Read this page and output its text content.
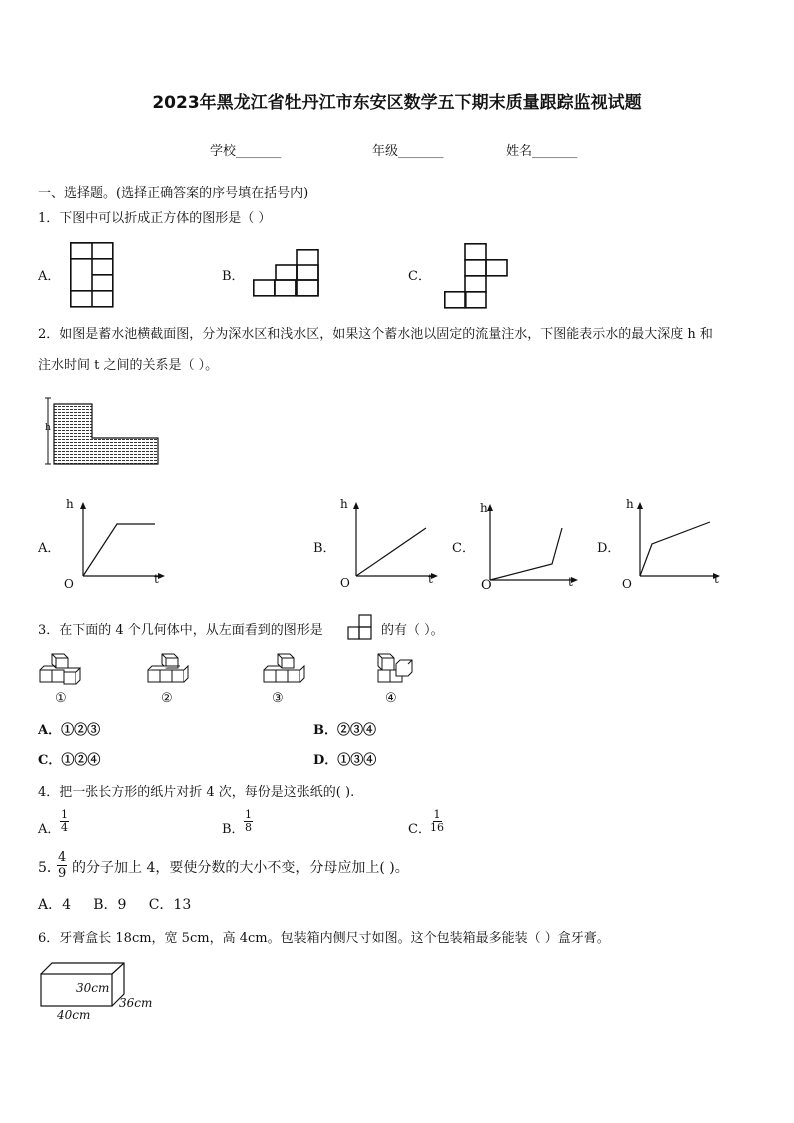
2023年黑龙江省牡丹江市东安区数学五下期末质量跟踪监视试题
学校_______	年级_______	姓名_______
一、选择题。(选择正确答案的序号填在括号内)
1．下图中可以折成正方体的图形是（ ）
A．	B．	C．
2．如图是蓄水池横截面图，分为深水区和浅水区，如果这个蓄水池以固定的流量注水，下图能表示水的最大深度 h 和
注水时间 t 之间的关系是（ ）。
h
A．	B．	C．	D．
h
t
O
h
t
O
h
t
O
h
t
O
3．在下面的 4 个几何体中，从左面看到的图形是	的有（ ）。
①	②	③	④
A．①②③	B．②③④
C．①②④	D．①③④
4．把一张长方形的纸片对折 4 次，每份是这张纸的( ).
A． $\frac{1}{4}$	B． $\frac{1}{8}$	C． $\frac{1}{16}$
5．
$\frac{4}{9}$ 的分子加上 4，要使分数的大小不变，分母应加上( )。
A．4     B．9     C．13
6．牙膏盒长 18cm，宽 5cm，高 4cm。包装箱内侧尺寸如图。这个包装箱最多能装（ ）盒牙膏。
30cm
36cm
40cm
